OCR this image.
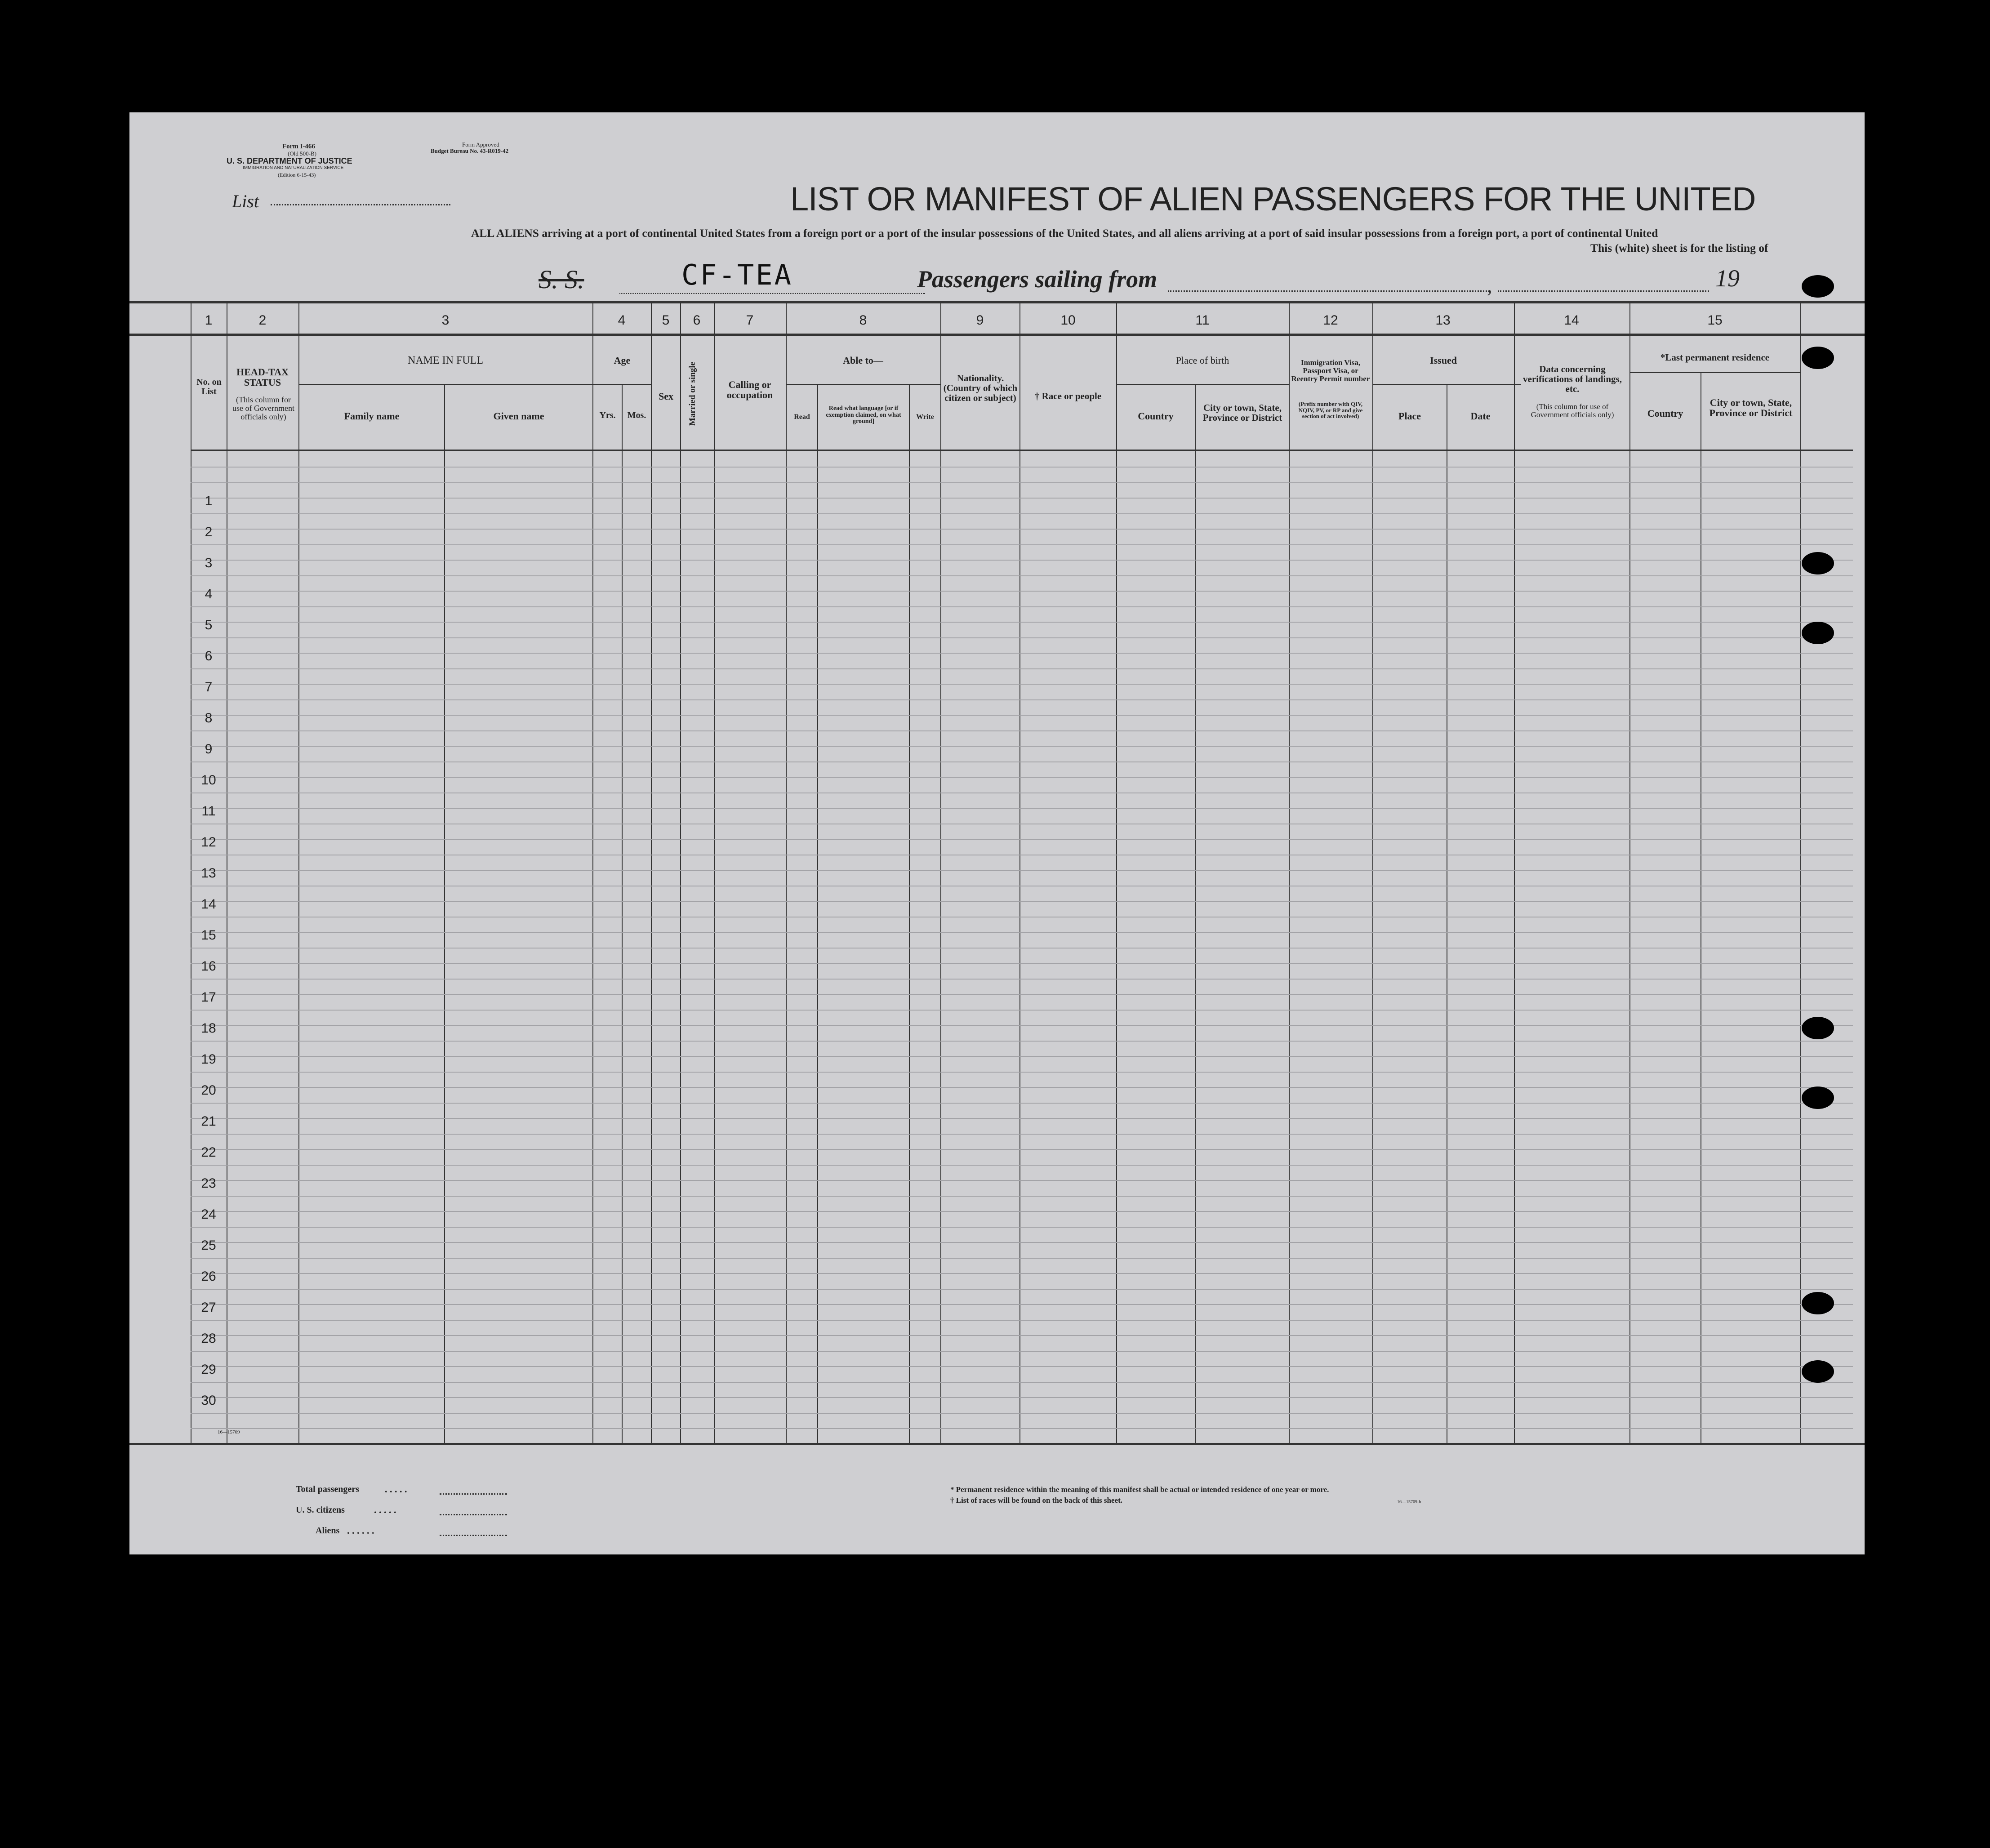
Form I-466
(Old 500-B)
U. S. DEPARTMENT OF JUSTICE
IMMIGRATION AND NATURALIZATION SERVICE
(Edition 6-15-43)
Form Approved
Budget Bureau No. 43-R019-42
List	LIST OR MANIFEST OF ALIEN PASSENGERS FOR THE UNITED
ALL ALIENS arriving at a port of continental United States from a foreign port or a port of the insular possessions of the United States, and all aliens arriving at a port of said insular possessions from a foreign port, a port of continental United
This (white) sheet is for the listing of
S. S.	CF-TEA	Passengers sailing from	,	19
1	2	3	4	5	6	7	8	9	10	11	12	13	14	15
No. on List
HEAD-TAX STATUS
(This column for use of Government officials only)
NAME IN FULL
Family name	Given name
Age
Yrs.	Mos.
Sex	Married or single	Calling or occupation
Able to—
Read
Read what language [or if exemption claimed, on what ground]
Write
Nationality. (Country of which citizen or subject)	† Race or people
Place of birth
Country
City or town, State, Province or District
Immigration Visa, Passport Visa, or Reentry Permit number
(Prefix number with QIV, NQIV, PV, or RP and give section of act involved)
Issued
Place	Date
Data concerning verifications of landings, etc.
(This column for use of Government officials only)
*Last permanent residence
Country
City or town, State, Province or District
1
2
3
4
5
6
7
8
9
10
11
12
13
14
15
16
17
18
19
20
21
22
23
24
25
26
27
28
29
30
16—15709
Total passengers	. . . . .
U. S. citizens	. . . . .
Aliens . . . . . .
* Permanent residence within the meaning of this manifest shall be actual or intended residence of one year or more.
† List of races will be found on the back of this sheet.	16—15709-b
